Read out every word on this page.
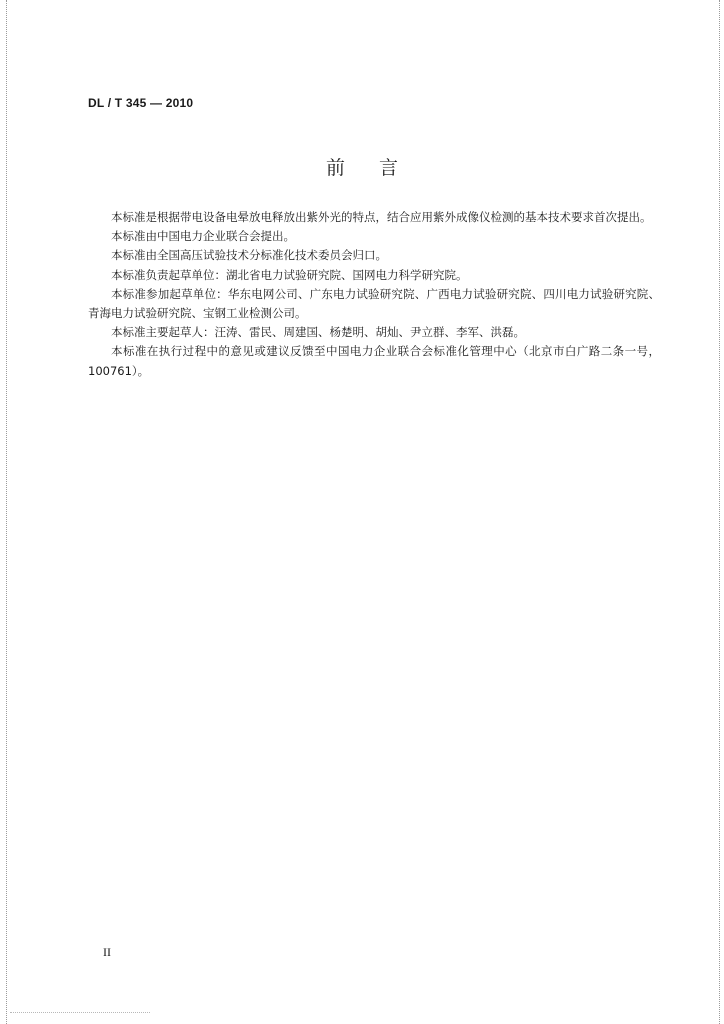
DL / T 345 — 2010
前言

本标准是根据带电设备电晕放电释放出紫外光的特点，结合应用紫外成像仪检测的基本技术要求首次提出。

本标准由中国电力企业联合会提出。

本标准由全国高压试验技术分标准化技术委员会归口。

本标准负责起草单位：湖北省电力试验研究院、国网电力科学研究院。

本标准参加起草单位：华东电网公司、广东电力试验研究院、广西电力试验研究院、四川电力试验研究院、青海电力试验研究院、宝钢工业检测公司。

本标准主要起草人：汪涛、雷民、周建国、杨楚明、胡灿、尹立群、李军、洪磊。

本标准在执行过程中的意见或建议反馈至中国电力企业联合会标准化管理中心（北京市白广路二条一号，100761）。

II
